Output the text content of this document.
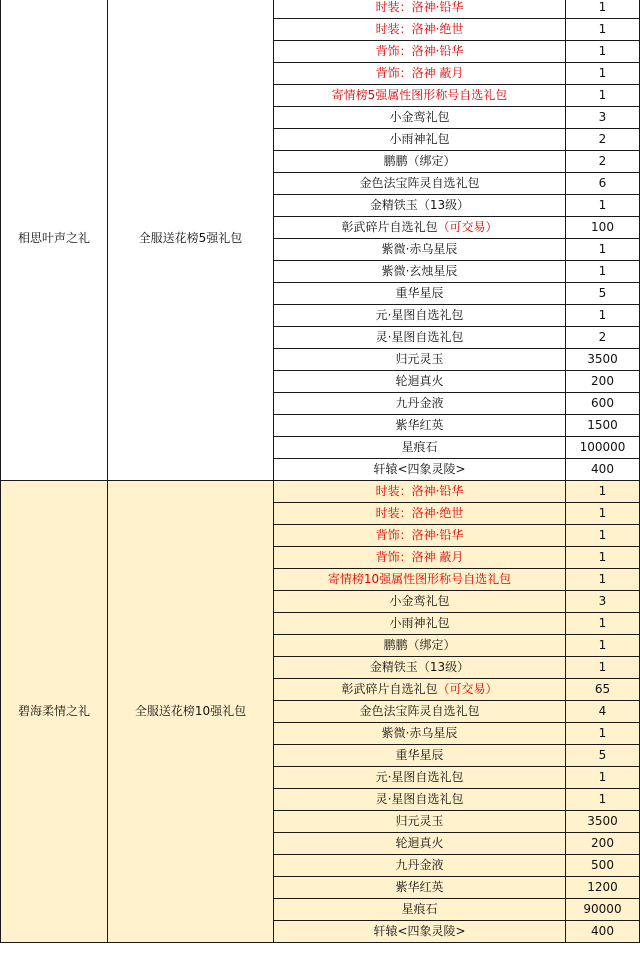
相思叶声之礼	全服送花榜5强礼包	时装：洛神·铅华	1
		时装：洛神·绝世	1
		背饰：洛神·铅华	1
		背饰：洛神 蔽月	1
		寄情榜5强属性图形称号自选礼包	1
		小金鸾礼包	3
		小雨神礼包	2
		鹏鹏（绑定）	2
		金色法宝阵灵自选礼包	6
		金精铁玉（13级）	1
		彰武碎片自选礼包（可交易）	100
		紫微·赤乌星辰	1
		紫微·玄烛星辰	1
		重华星辰	5
		元·星图自选礼包	1
		灵·星图自选礼包	2
		归元灵玉	3500
		轮迴真火	200
		九丹金液	600
		紫华红英	1500
		星痕石	100000
		轩辕<四象灵陵>	400
碧海柔情之礼	全服送花榜10强礼包	时装：洛神·铅华	1
		时装：洛神·绝世	1
		背饰：洛神·铅华	1
		背饰：洛神 蔽月	1
		寄情榜10强属性图形称号自选礼包	1
		小金鸾礼包	3
		小雨神礼包	1
		鹏鹏（绑定）	1
		金精铁玉（13级）	1
		彰武碎片自选礼包（可交易）	65
		金色法宝阵灵自选礼包	4
		紫微·赤乌星辰	1
		重华星辰	5
		元·星图自选礼包	1
		灵·星图自选礼包	1
		归元灵玉	3500
		轮迴真火	200
		九丹金液	500
		紫华红英	1200
		星痕石	90000
		轩辕<四象灵陵>	400
